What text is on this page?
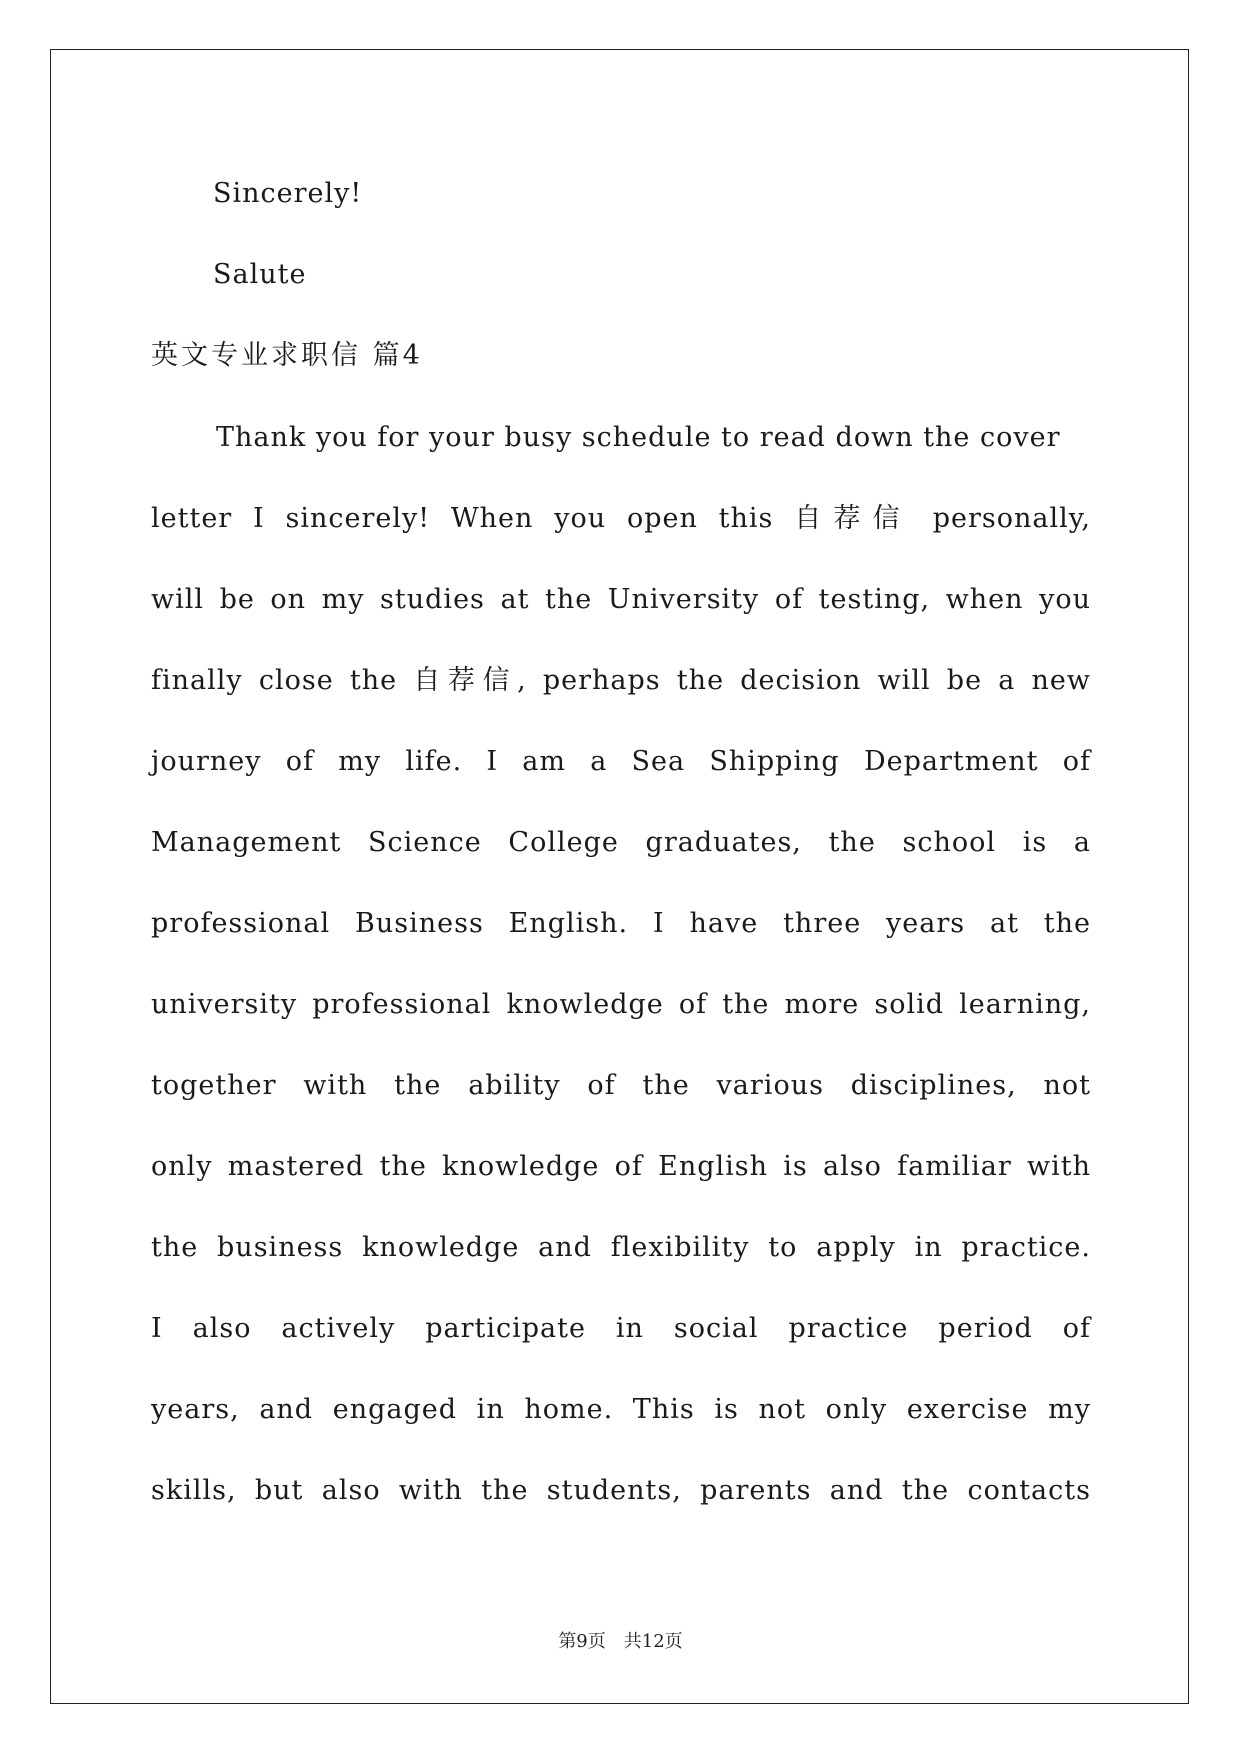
Sincerely!
Salute
英文专业求职信 篇4
Thank you for your busy schedule to read down the cover
letter I sincerely! When you open this 自荐信 personally,
will be on my studies at the University of testing, when you
finally close the 自荐信, perhaps the decision will be a new
journey of my life. I am a Sea Shipping Department of
Management Science College graduates, the school is a
professional Business English. I have three years at the
university professional knowledge of the more solid learning,
together with the ability of the various disciplines, not
only mastered the knowledge of English is also familiar with
the business knowledge and flexibility to apply in practice.
I also actively participate in social practice period of
years, and engaged in home. This is not only exercise my
skills, but also with the students, parents and the contacts
第9页 共12页
